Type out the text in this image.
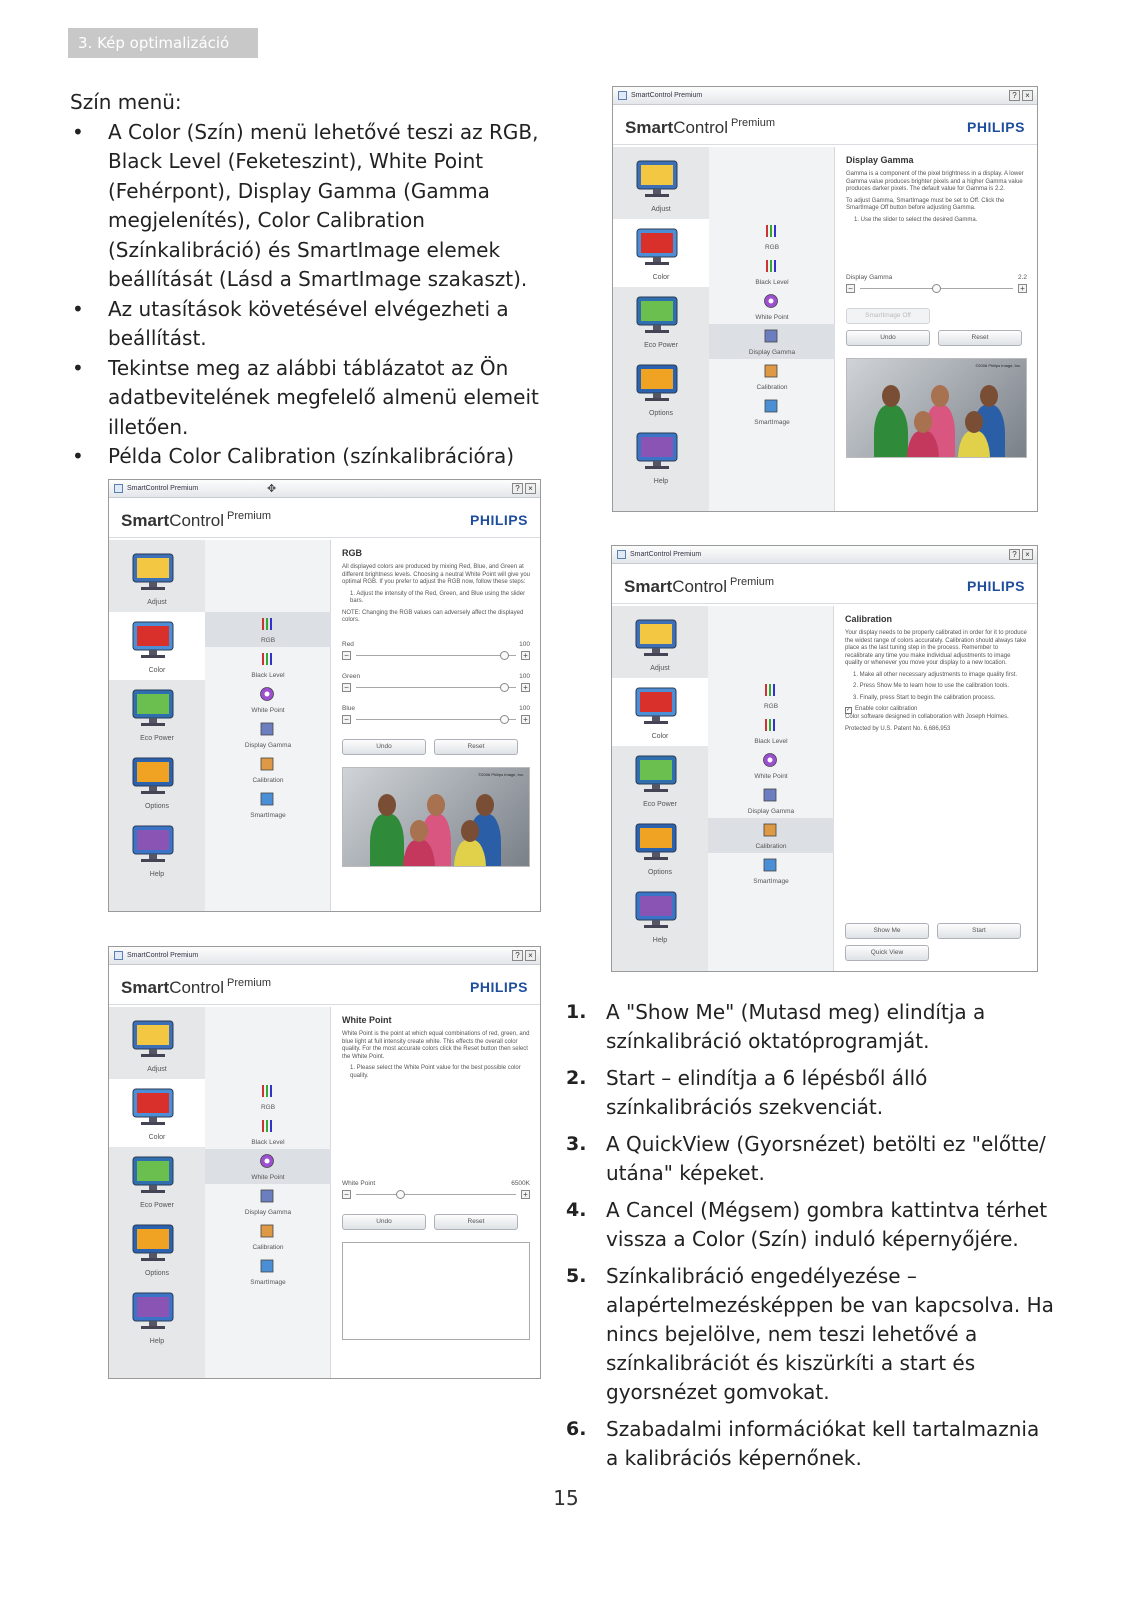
3. Kép optimalizáció
Szín menü:
• A Color (Szín) menü lehetővé teszi az RGB, Black Level (Feketeszint), White Point (Fehérpont), Display Gamma (Gamma megjelenítés), Color Calibration (Színkalibráció) és SmartImage elemek beállítását (Lásd a SmartImage szakaszt).
• Az utasítások követésével elvégezheti a beállítást.
• Tekintse meg az alábbi táblázatot az Ön adatbevitelének megfelelő almenü elemeit illetően.
• Példa Color Calibration (színkalibrációra)
1. A "Show Me" (Mutasd meg) elindítja a színkalibráció oktatóprogramját.
2. Start – elindítja a 6 lépésből álló színkalibrációs szekvenciát.
3. A QuickView (Gyorsnézet) betölti ez "előtte/ utána" képeket.
4. A Cancel (Mégsem) gombra kattintva térhet vissza a Color (Szín) induló képernyőjére.
5. Színkalibráció engedélyezése – alapértelmezésképpen be van kapcsolva. Ha nincs bejelölve, nem teszi lehetővé a színkalibrációt és kiszürkíti a start és gyorsnézet gomvokat.
6. Szabadalmi információkat kell tartalmaznia a kalibrációs képernőnek.
15
SmartControl Premium	?	×
SmartControl $^{Premium}$	PHILIPS
Adjust
Color
Eco Power
Options
Help
RGB
Black Level
White Point
Display Gamma
Calibration
SmartImage
Display Gamma

Gamma is a component of the pixel brightness in a display. A lower Gamma value produces brighter pixels and a higher Gamma value produces darker pixels. The default value for Gamma is 2.2.

To adjust Gamma, SmartImage must be set to Off. Click the SmartImage Off button before adjusting Gamma.

1. Use the slider to select the desired Gamma.

Display Gamma	2.2
−	+
SmartImage Off
Undo	Reset
©2006 Philips Image, Inc.
SmartControl Premium	✥	?	×
SmartControl $^{Premium}$	PHILIPS
Adjust
Color
Eco Power
Options
Help
RGB
Black Level
White Point
Display Gamma
Calibration
SmartImage
RGB

All displayed colors are produced by mixing Red, Blue, and Green at different brightness levels. Choosing a neutral White Point will give you optimal RGB. If you prefer to adjust the RGB now, follow these steps:

1. Adjust the intensity of the Red, Green, and Blue using the slider bars.

NOTE: Changing the RGB values can adversely affect the displayed colors.

Red	100
−	+
Green	100
−	+
Blue	100
−	+
Undo	Reset
©2006 Philips Image, Inc.
SmartControl Premium	?	×
SmartControl $^{Premium}$	PHILIPS
Adjust
Color
Eco Power
Options
Help
RGB
Black Level
White Point
Display Gamma
Calibration
SmartImage
Calibration

Your display needs to be properly calibrated in order for it to produce the widest range of colors accurately. Calibration should always take place as the last tuning step in the process. Remember to recalibrate any time you make individual adjustments to image quality or whenever you move your display to a new location.

1. Make all other necessary adjustments to image quality first.

2. Press Show Me to learn how to use the calibration tools.

3. Finally, press Start to begin the calibration process.

✓ Enable color calibration

Color software designed in collaboration with Joseph Holmes.

Protected by U.S. Patent No. 6,686,953

Show Me	Start
Quick View
SmartControl Premium	?	×
SmartControl $^{Premium}$	PHILIPS
Adjust
Color
Eco Power
Options
Help
RGB
Black Level
White Point
Display Gamma
Calibration
SmartImage
White Point

White Point is the point at which equal combinations of red, green, and blue light at full intensity create white. This effects the overall color quality. For the most accurate colors click the Reset button then select the White Point.

1. Please select the White Point value for the best possible color quality.

White Point	6500K
−	+
Undo	Reset
